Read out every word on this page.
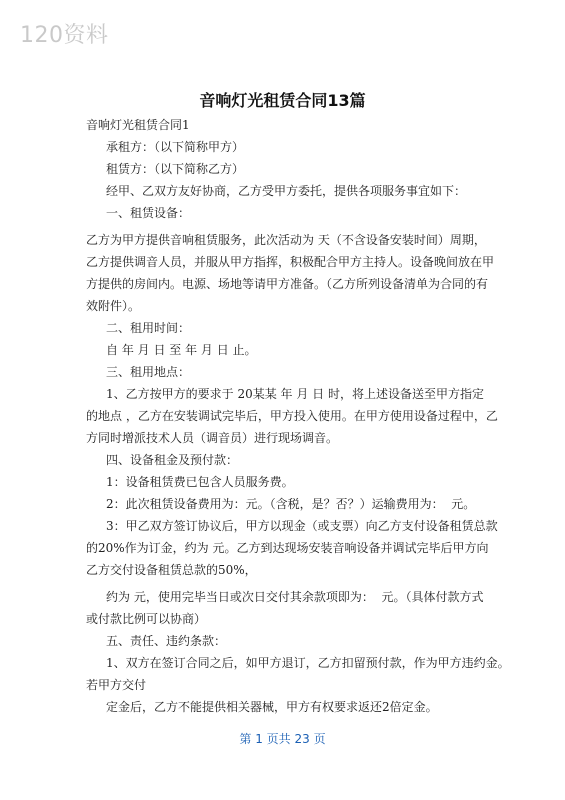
120资料
音响灯光租赁合同13篇
音响灯光租赁合同1
承租方：（以下简称甲方）
租赁方：（以下简称乙方）
经甲、乙双方友好协商，乙方受甲方委托，提供各项服务事宜如下：
一、租赁设备：
乙方为甲方提供音响租赁服务，此次活动为 天（不含设备安装时间）周期，
乙方提供调音人员，并服从甲方指挥，积极配合甲方主持人。设备晚间放在甲
方提供的房间内。电源、场地等请甲方准备。（乙方所列设备清单为合同的有
效附件）。
二、租用时间：
自 年 月 日 至 年 月 日 止。
三、租用地点：
1、乙方按甲方的要求于 20某某 年 月 日 时，将上述设备送至甲方指定
的地点 ，乙方在安装调试完毕后，甲方投入使用。在甲方使用设备过程中，乙
方同时增派技术人员（调音员）进行现场调音。
四、设备租金及预付款：
1：设备租赁费已包含人员服务费。
2：此次租赁设备费用为：元。（含税，是？否？）运输费用为：  元。
3：甲乙双方签订协议后，甲方以现金（或支票）向乙方支付设备租赁总款
的20%作为订金，约为 元。乙方到达现场安装音响设备并调试完毕后甲方向
乙方交付设备租赁总款的50%，
约为 元，使用完毕当日或次日交付其余款项即为：  元。（具体付款方式
或付款比例可以协商）
五、责任、违约条款：
1、双方在签订合同之后，如甲方退订，乙方扣留预付款，作为甲方违约金。
若甲方交付
定金后，乙方不能提供相关器械，甲方有权要求返还2倍定金。
第 1 页共 23 页
